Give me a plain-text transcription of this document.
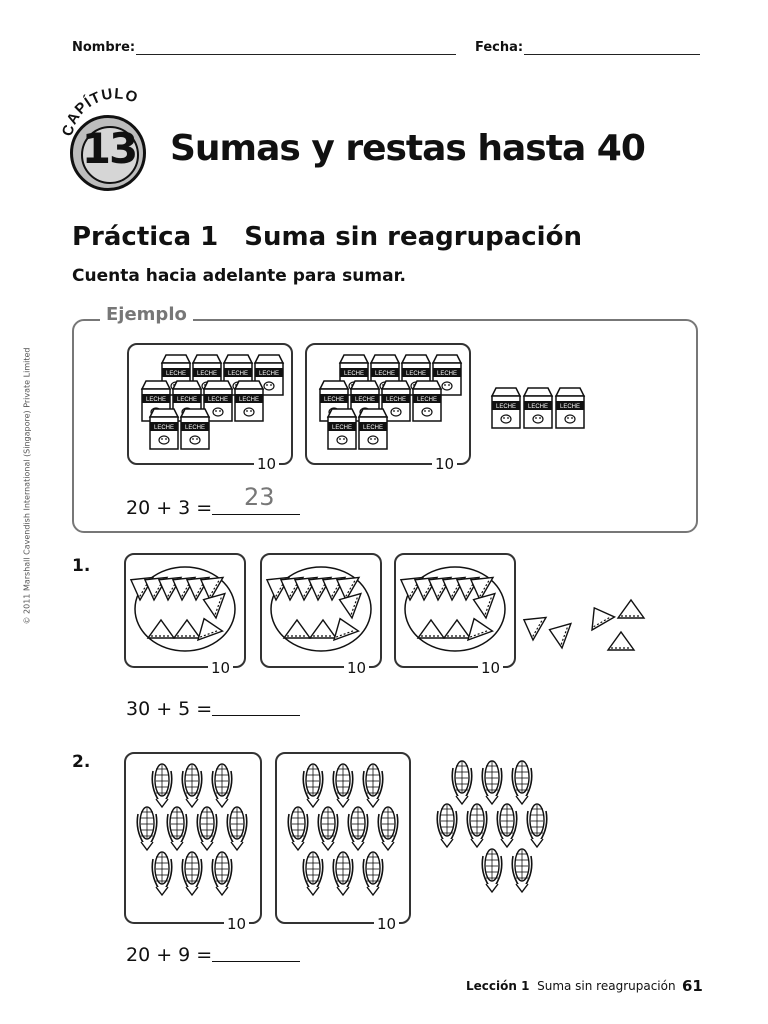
Nombre:	Fecha:
CAPÍTULO
13 Sumas y restas hasta 40
Práctica 1 Suma sin reagrupación
Cuenta hacia adelante para sumar.
Ejemplo
10	10
LECHE LECHE LECHE LECHE
LECHE LECHE LECHE LECHE
LECHE LECHE
LECHE LECHE LECHE LECHE
LECHE LECHE LECHE LECHE
LECHE LECHE
LECHE LECHE LECHE
20 + 3 = 23
1.
10	10	10
30 + 5 =
2.
10	10
20 + 9 =
Lección 1 Suma sin reagrupación 61
© 2011 Marshall Cavendish International (Singapore) Private Limited
